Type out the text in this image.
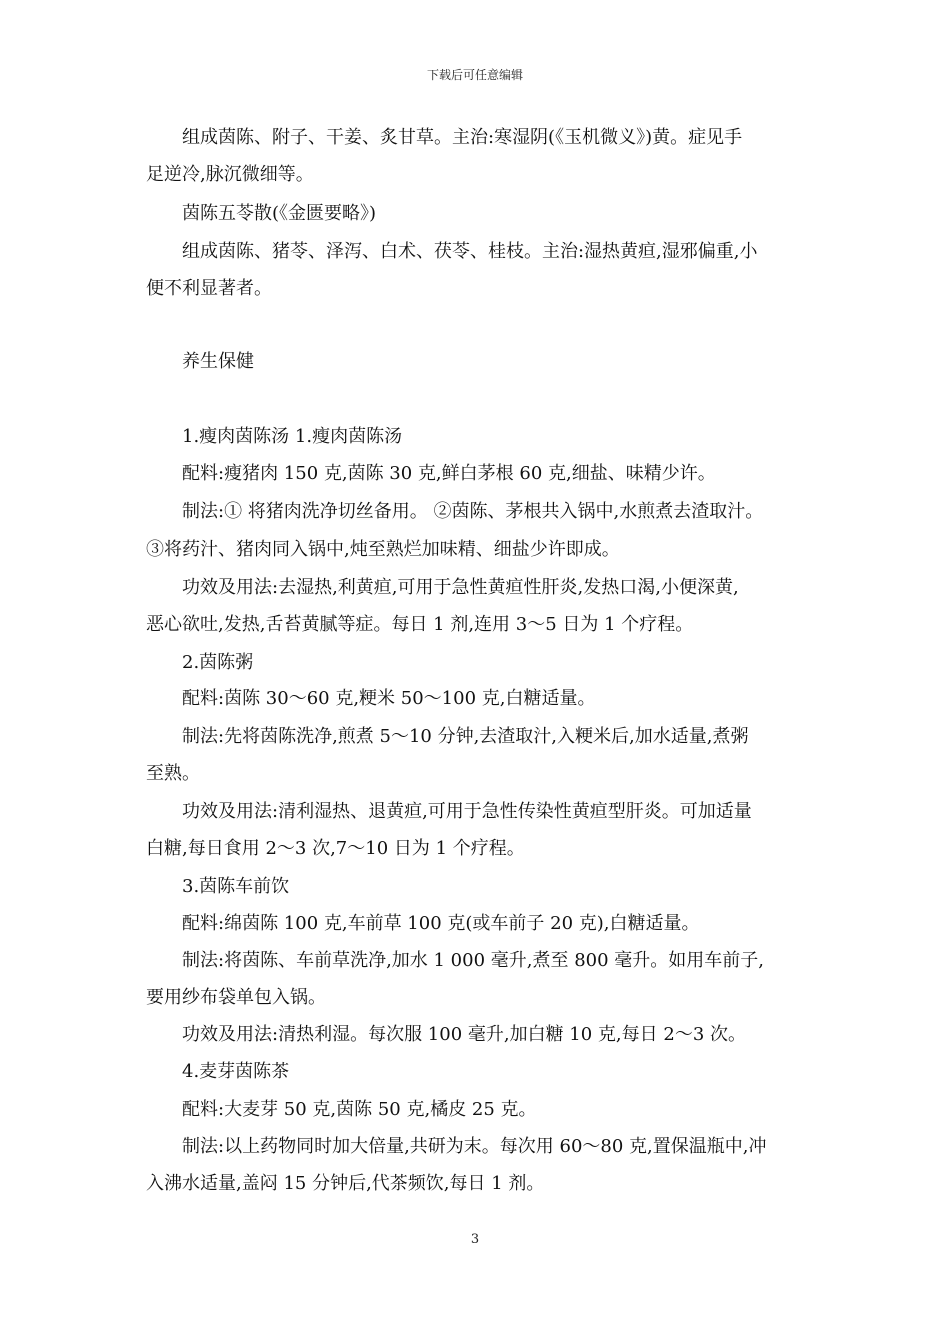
下载后可任意编辑
组成茵陈、附子、干姜、炙甘草。主治:寒湿阴(《玉机微义》)黄。症见手
足逆冷,脉沉微细等。
茵陈五苓散(《金匮要略》)
组成茵陈、猪苓、泽泻、白术、茯苓、桂枝。主治:湿热黄疸,湿邪偏重,小
便不利显著者。
养生保健
1.瘦肉茵陈汤 1.瘦肉茵陈汤
配料:瘦猪肉 150 克,茵陈 30 克,鲜白茅根 60 克,细盐、味精少许。
制法:① 将猪肉洗净切丝备用。 ②茵陈、茅根共入锅中,水煎煮去渣取汁。
③将药汁、猪肉同入锅中,炖至熟烂加味精、细盐少许即成。
功效及用法:去湿热,利黄疸,可用于急性黄疸性肝炎,发热口渴,小便深黄,
恶心欲吐,发热,舌苔黄腻等症。每日 1 剂,连用 3～5 日为 1 个疗程。
2.茵陈粥
配料:茵陈 30～60 克,粳米 50～100 克,白糖适量。
制法:先将茵陈洗净,煎煮 5～10 分钟,去渣取汁,入粳米后,加水适量,煮粥
至熟。
功效及用法:清利湿热、退黄疸,可用于急性传染性黄疸型肝炎。可加适量
白糖,每日食用 2～3 次,7～10 日为 1 个疗程。
3.茵陈车前饮
配料:绵茵陈 100 克,车前草 100 克(或车前子 20 克),白糖适量。
制法:将茵陈、车前草洗净,加水 1 000 毫升,煮至 800 毫升。如用车前子,
要用纱布袋单包入锅。
功效及用法:清热利湿。每次服 100 毫升,加白糖 10 克,每日 2～3 次。
4.麦芽茵陈茶
配料:大麦芽 50 克,茵陈 50 克,橘皮 25 克。
制法:以上药物同时加大倍量,共研为末。每次用 60～80 克,置保温瓶中,冲
入沸水适量,盖闷 15 分钟后,代茶频饮,每日 1 剂。
3
